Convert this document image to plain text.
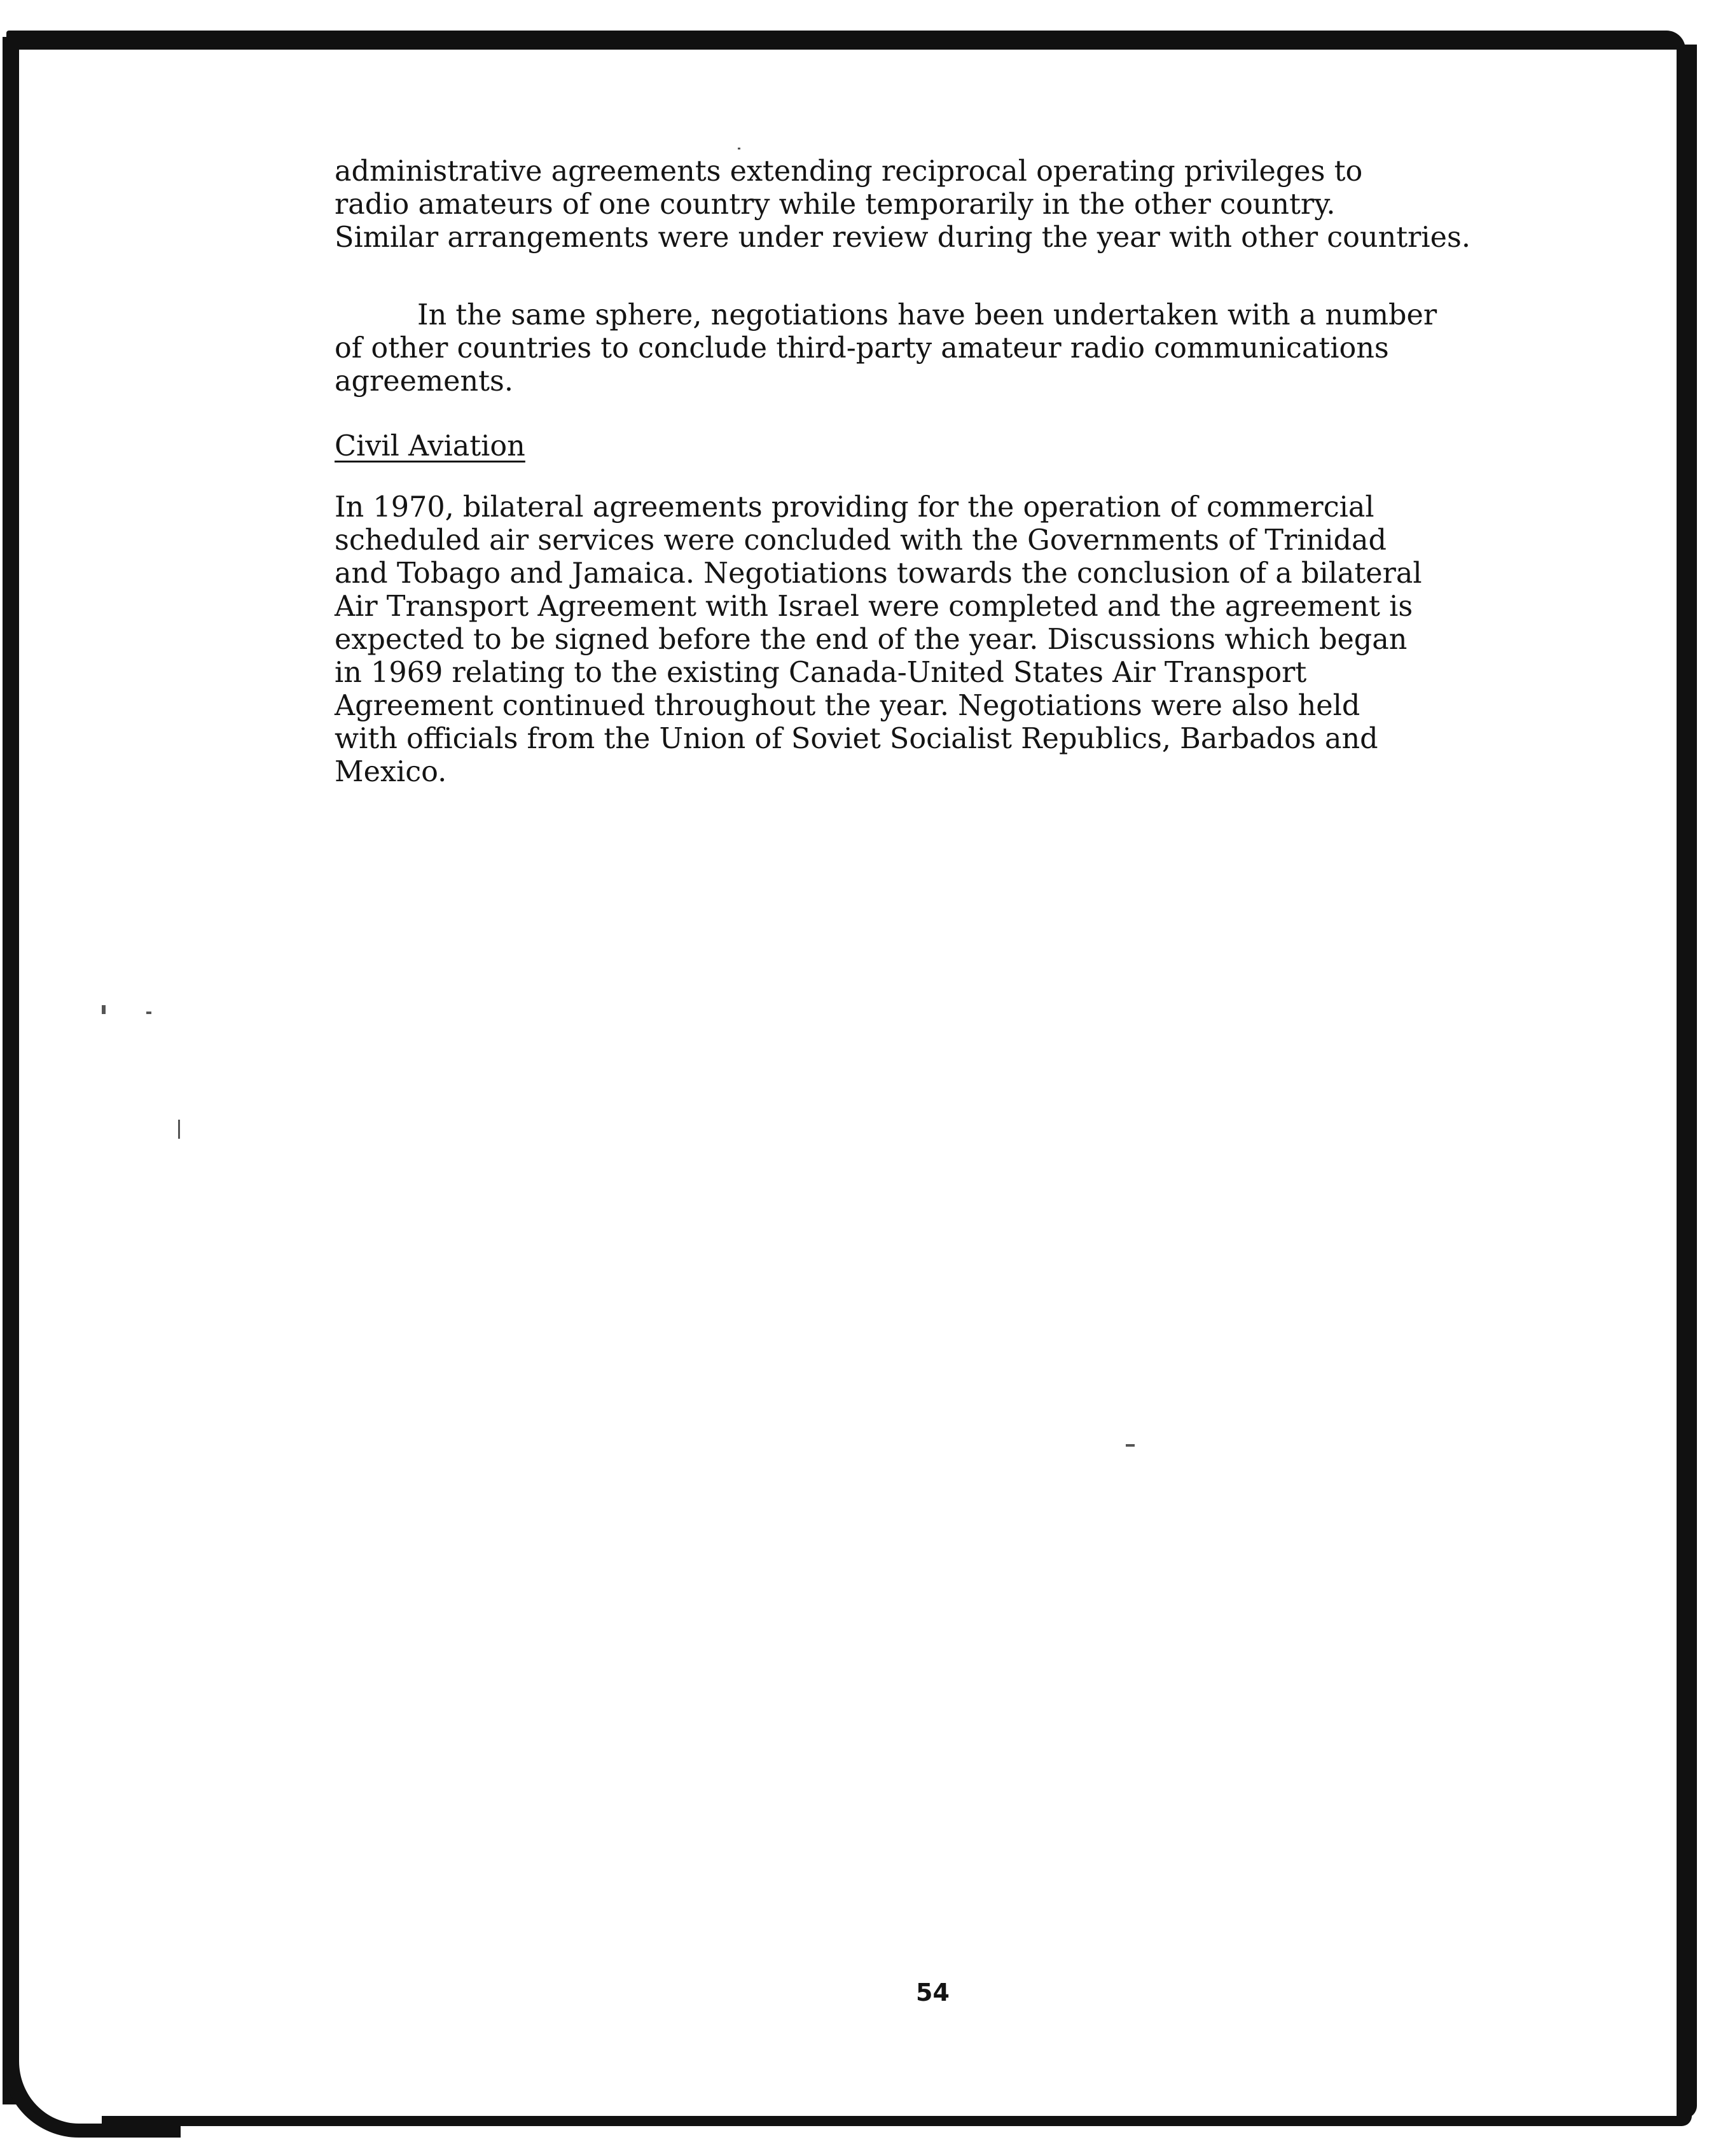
administrative agreements extending reciprocal operating privileges to
radio amateurs of one country while temporarily in the other country.
Similar arrangements were under review during the year with other countries.
In the same sphere, negotiations have been undertaken with a number
of other countries to conclude third-party amateur radio communications
agreements.
Civil Aviation
In 1970, bilateral agreements providing for the operation of commercial
scheduled air services were concluded with the Governments of Trinidad
and Tobago and Jamaica. Negotiations towards the conclusion of a bilateral
Air Transport Agreement with Israel were completed and the agreement is
expected to be signed before the end of the year. Discussions which began
in 1969 relating to the existing Canada-United States Air Transport
Agreement continued throughout the year. Negotiations were also held
with officials from the Union of Soviet Socialist Republics, Barbados and
Mexico.
54
